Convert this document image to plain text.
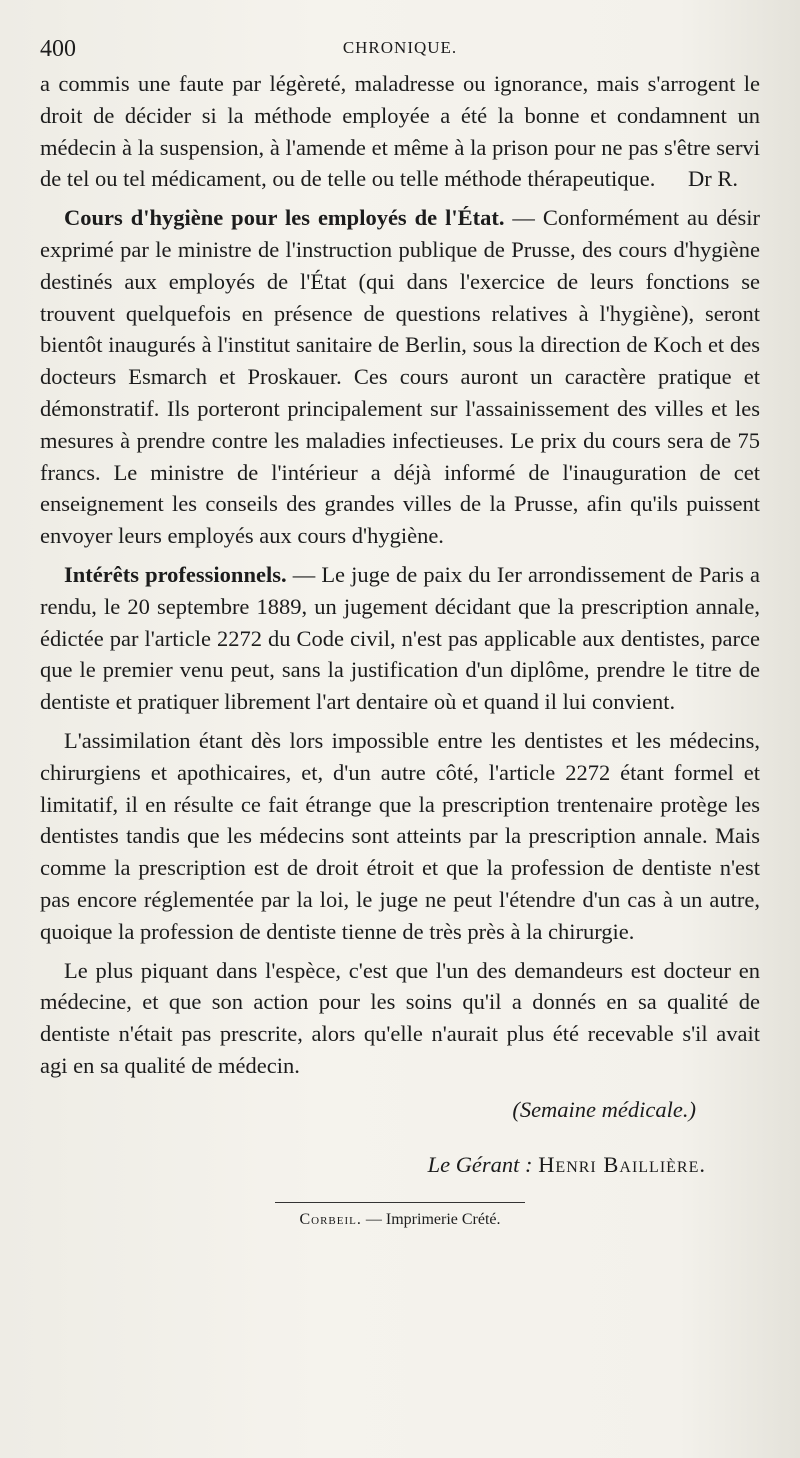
400	CHRONIQUE.

a commis une faute par légèreté, maladresse ou ignorance, mais s'arrogent le droit de décider si la méthode employée a été la bonne et condamnent un médecin à la suspension, à l'amende et même à la prison pour ne pas s'être servi de tel ou tel médicament, ou de telle ou telle méthode thérapeutique. Dr R.

Cours d'hygiène pour les employés de l'État. — Conformément au désir exprimé par le ministre de l'instruction publique de Prusse, des cours d'hygiène destinés aux employés de l'État (qui dans l'exercice de leurs fonctions se trouvent quelquefois en présence de questions relatives à l'hygiène), seront bientôt inaugurés à l'institut sanitaire de Berlin, sous la direction de Koch et des docteurs Esmarch et Proskauer. Ces cours auront un caractère pratique et démonstratif. Ils porteront principalement sur l'assainissement des villes et les mesures à prendre contre les maladies infectieuses. Le prix du cours sera de 75 francs. Le ministre de l'intérieur a déjà informé de l'inauguration de cet enseignement les conseils des grandes villes de la Prusse, afin qu'ils puissent envoyer leurs employés aux cours d'hygiène.

Intérêts professionnels. — Le juge de paix du Ier arrondissement de Paris a rendu, le 20 septembre 1889, un jugement décidant que la prescription annale, édictée par l'article 2272 du Code civil, n'est pas applicable aux dentistes, parce que le premier venu peut, sans la justification d'un diplôme, prendre le titre de dentiste et pratiquer librement l'art dentaire où et quand il lui convient.

L'assimilation étant dès lors impossible entre les dentistes et les médecins, chirurgiens et apothicaires, et, d'un autre côté, l'article 2272 étant formel et limitatif, il en résulte ce fait étrange que la prescription trentenaire protège les dentistes tandis que les médecins sont atteints par la prescription annale. Mais comme la prescription est de droit étroit et que la profession de dentiste n'est pas encore réglementée par la loi, le juge ne peut l'étendre d'un cas à un autre, quoique la profession de dentiste tienne de très près à la chirurgie.

Le plus piquant dans l'espèce, c'est que l'un des demandeurs est docteur en médecine, et que son action pour les soins qu'il a donnés en sa qualité de dentiste n'était pas prescrite, alors qu'elle n'aurait plus été recevable s'il avait agi en sa qualité de médecin.

(Semaine médicale.)

Le Gérant : Henri Baillière.
Corbeil. — Imprimerie Crété.
